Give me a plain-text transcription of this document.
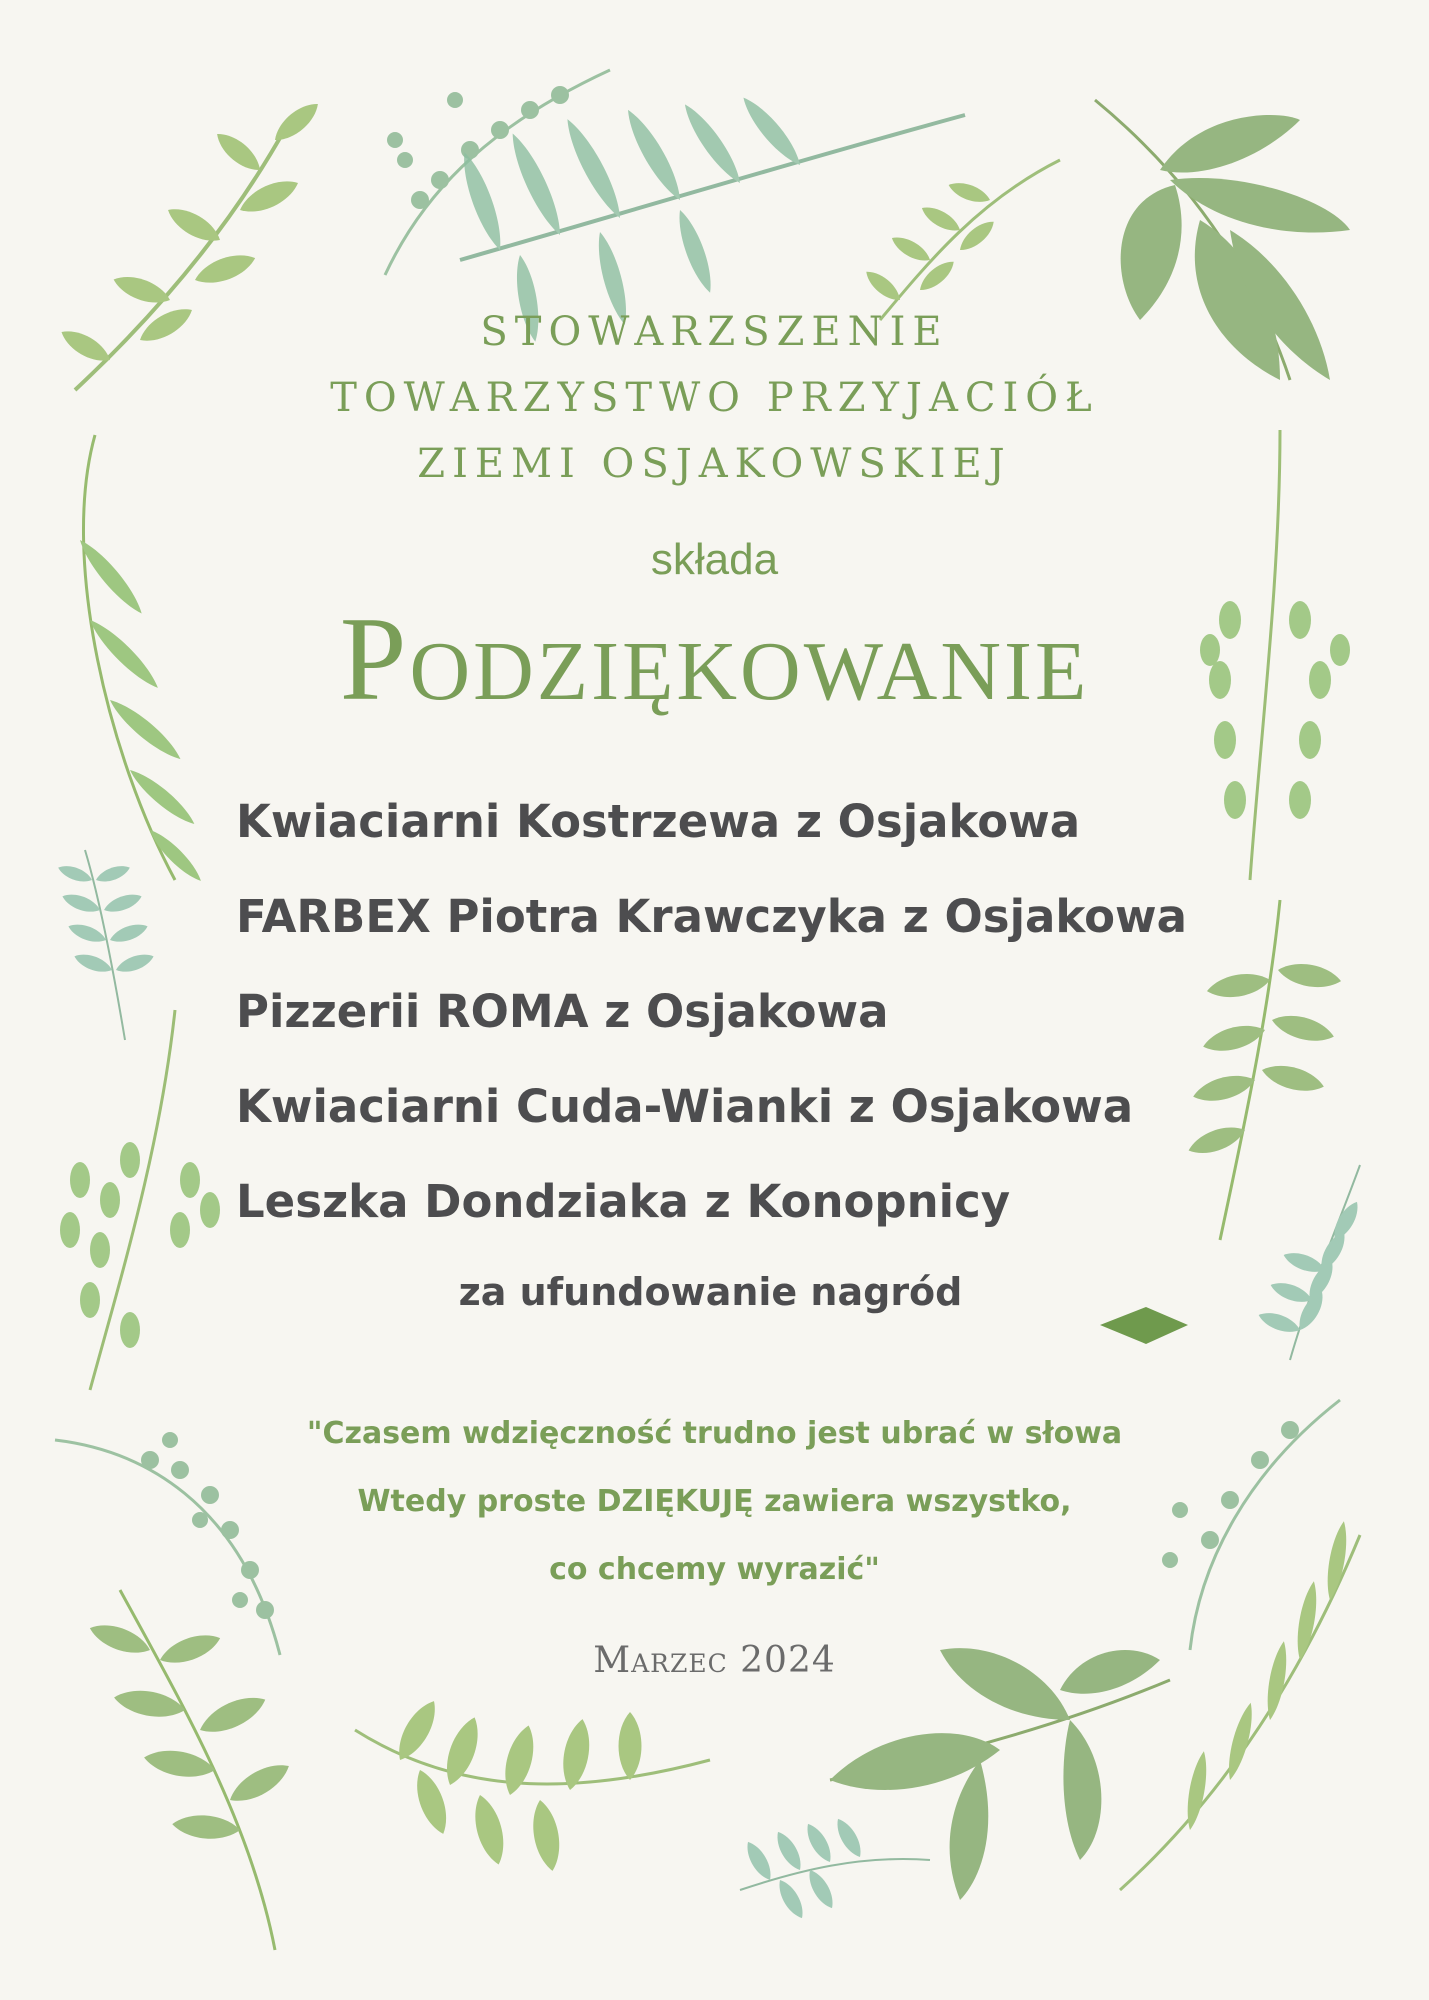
STOWARZSZENIE
TOWARZYSTWO PRZYJACIÓŁ
ZIEMI OSJAKOWSKIEJ
składa
Podziękowanie
Kwiaciarni Kostrzewa z Osjakowa
FARBEX Piotra Krawczyka z Osjakowa
Pizzerii ROMA z Osjakowa
Kwiaciarni Cuda-Wianki z Osjakowa
Leszka Dondziaka z Konopnicy
za ufundowanie nagród
"Czasem wdzięczność trudno jest ubrać w słowa
Wtedy proste DZIĘKUJĘ zawiera wszystko,
co chcemy wyrazić"
Marzec 2024
